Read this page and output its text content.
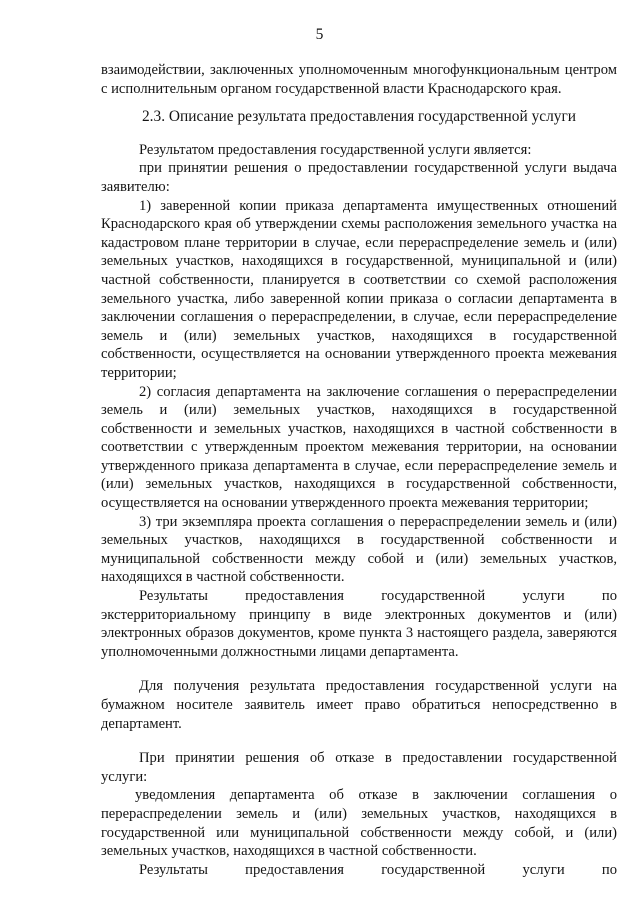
5

взаимодействии, заключенных уполномоченным многофункциональным центром с исполнительным органом государственной власти Краснодарского края.

2.3. Описание результата предоставления государственной услуги

Результатом предоставления государственной услуги является:

при принятии решения о предоставлении государственной услуги выдача заявителю:

1) заверенной копии приказа департамента имущественных отношений Краснодарского края об утверждении схемы расположения земельного участка на кадастровом плане территории в случае, если перераспределение земель и (или) земельных участков, находящихся в государственной, муниципальной и (или) частной собственности, планируется в соответствии со схемой расположения земельного участка, либо заверенной копии приказа о согласии департамента в заключении соглашения о перераспределении, в случае, если перераспределение земель и (или) земельных участков, находящихся в государственной собственности, осуществляется на основании утвержденного проекта межевания территории;

2) согласия департамента на заключение соглашения о перераспределении земель и (или) земельных участков, находящихся в государственной собственности и земельных участков, находящихся в частной собственности в соответствии с утвержденным проектом межевания территории, на основании утвержденного приказа департамента в случае, если перераспределение земель и (или) земельных участков, находящихся в государственной собственности, осуществляется на основании утвержденного проекта межевания территории;

3) три экземпляра проекта соглашения о перераспределении земель и (или) земельных участков, находящихся в государственной собственности и муниципальной собственности между собой и (или) земельных участков, находящихся в частной собственности.

Результаты предоставления государственной услуги по экстерриториальному принципу в виде электронных документов и (или) электронных образов документов, кроме пункта 3 настоящего раздела, заверяются уполномоченными должностными лицами департамента.

Для получения результата предоставления государственной услуги на бумажном носителе заявитель имеет право обратиться непосредственно в департамент.

При принятии решения об отказе в предоставлении государственной услуги:

уведомления департамента об отказе в заключении соглашения о перераспределении земель и (или) земельных участков, находящихся в государственной или муниципальной собственности между собой, и (или) земельных участков, находящихся в частной собственности.

Результаты предоставления государственной услуги по
